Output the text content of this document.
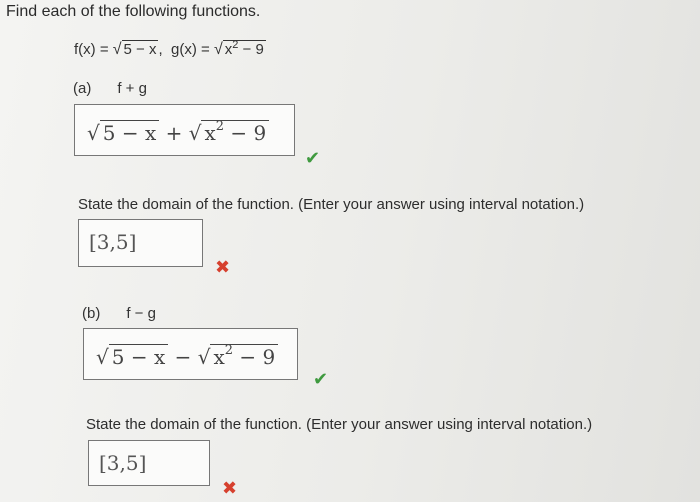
Find each of the following functions.
f(x) = √ 5 − x ,  g(x) = √ $x^2 - 9$
(a) f + g
√ 5 − x + √ $x^2 - 9$
✔
State the domain of the function. (Enter your answer using interval notation.)
[3,5]
✖
(b) f − g
√ 5 − x − √ $x^2 - 9$
✔
State the domain of the function. (Enter your answer using interval notation.)
[3,5]
✖
